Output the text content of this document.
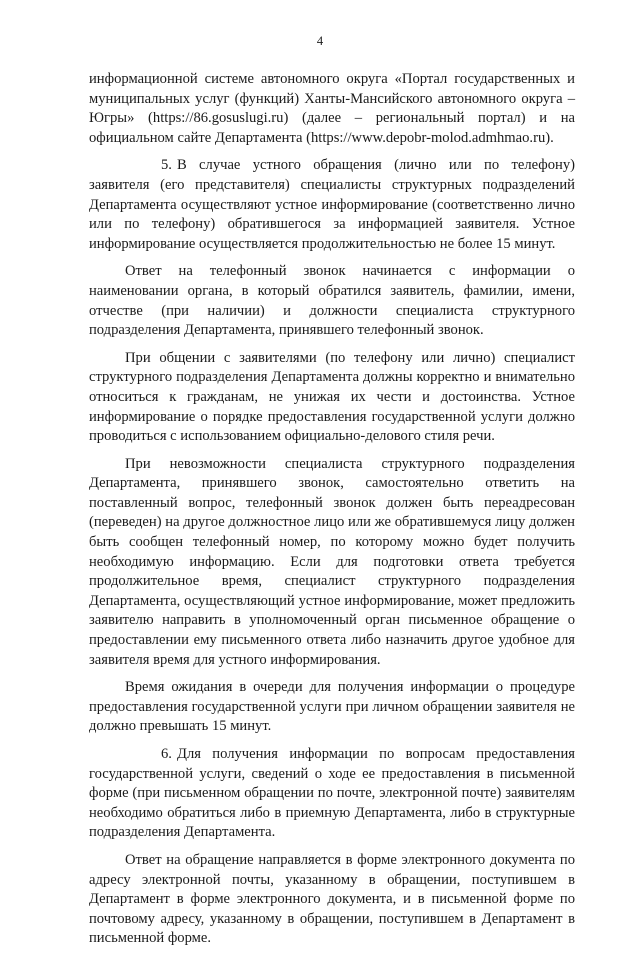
4

информационной системе автономного округа «Портал государственных и муниципальных услуг (функций) Ханты-Мансийского автономного округа – Югры» (https://86.gosuslugi.ru) (далее – региональный портал) и на официальном сайте Департамента (https://www.depobr-molod.admhmao.ru).

5. В случае устного обращения (лично или по телефону) заявителя (его представителя) специалисты структурных подразделений Департамента осуществляют устное информирование (соответственно лично или по телефону) обратившегося за информацией заявителя. Устное информирование осуществляется продолжительностью не более 15 минут.

Ответ на телефонный звонок начинается с информации о наименовании органа, в который обратился заявитель, фамилии, имени, отчестве (при наличии) и должности специалиста структурного подразделения Департамента, принявшего телефонный звонок.

При общении с заявителями (по телефону или лично) специалист структурного подразделения Департамента должны корректно и внимательно относиться к гражданам, не унижая их чести и достоинства. Устное информирование о порядке предоставления государственной услуги должно проводиться с использованием официально-делового стиля речи.

При невозможности специалиста структурного подразделения Департамента, принявшего звонок, самостоятельно ответить на поставленный вопрос, телефонный звонок должен быть переадресован (переведен) на другое должностное лицо или же обратившемуся лицу должен быть сообщен телефонный номер, по которому можно будет получить необходимую информацию. Если для подготовки ответа требуется продолжительное время, специалист структурного подразделения Департамента, осуществляющий устное информирование, может предложить заявителю направить в уполномоченный орган письменное обращение о предоставлении ему письменного ответа либо назначить другое удобное для заявителя время для устного информирования.

Время ожидания в очереди для получения информации о процедуре предоставления государственной услуги при личном обращении заявителя не должно превышать 15 минут.

6. Для получения информации по вопросам предоставления государственной услуги, сведений о ходе ее предоставления в письменной форме (при письменном обращении по почте, электронной почте) заявителям необходимо обратиться либо в приемную Департамента, либо в структурные подразделения Департамента.

Ответ на обращение направляется в форме электронного документа по адресу электронной почты, указанному в обращении, поступившем в Департамент в форме электронного документа, и в письменной форме по почтовому адресу, указанному в обращении, поступившем в Департамент в письменной форме.
